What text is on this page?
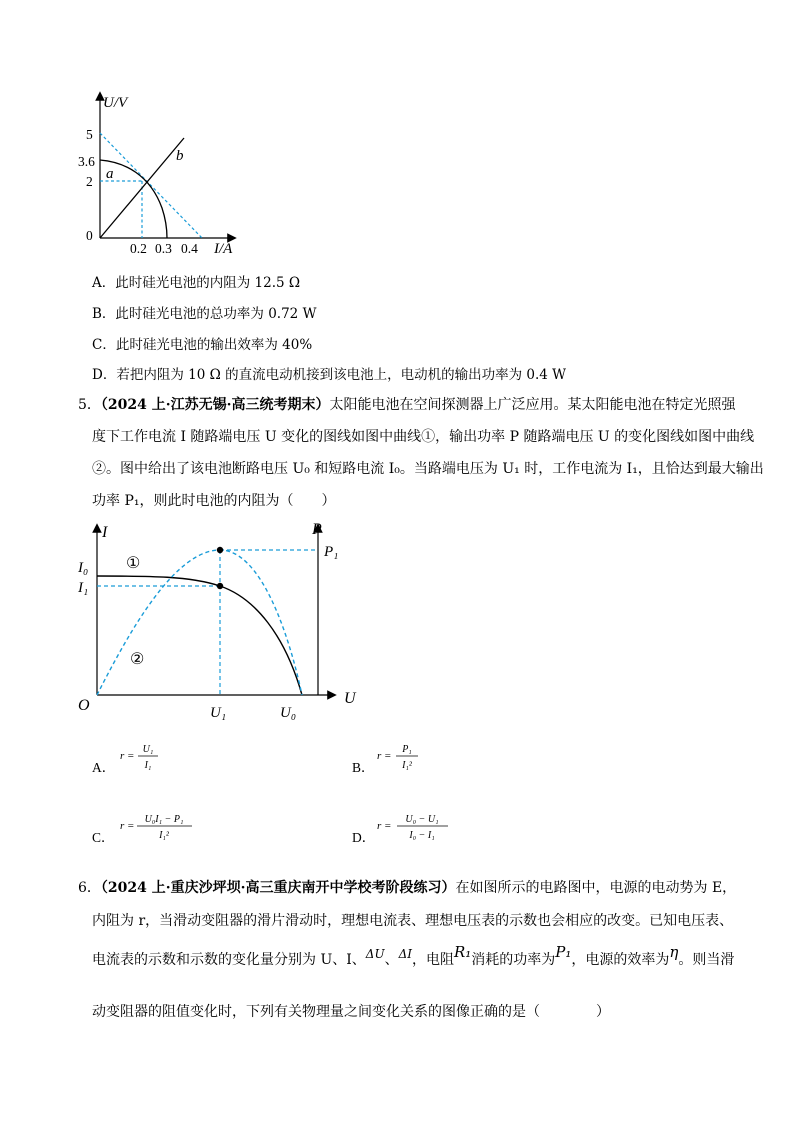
U/V
5
3.6
2
0
0.2 0.3 0.4 I/A
a
b
A．此时硅光电池的内阻为 12.5 Ω
B．此时硅光电池的总功率为 0.72 W
C．此时硅光电池的输出效率为 40%
D．若把内阻为 10 Ω 的直流电动机接到该电池上，电动机的输出功率为 0.4 W
5．（2024 上·江苏无锡·高三统考期末）太阳能电池在空间探测器上广泛应用。某太阳能电池在特定光照强
度下工作电流 I 随路端电压 U 变化的图线如图中曲线①，输出功率 P 随路端电压 U 的变化图线如图中曲线
②。图中给出了该电池断路电压 U₀ 和短路电流 I₀。当路端电压为 U₁ 时，工作电流为 I₁，且恰达到最大输出
功率 P₁，则此时电池的内阻为（　　）
I	P
U
O
I₀
I₁
P₁
U₁	U₀
①
②
A．
r =
U₁
I₁	B．
r =
P₁
I₁²
C．
r =
U₀I₁ − P₁
I₁²	D．
r =
U₀ − U₁
I₀ − I₁
6．（2024 上·重庆沙坪坝·高三重庆南开中学校考阶段练习）在如图所示的电路图中，电源的电动势为 E，
内阻为 r，当滑动变阻器的滑片滑动时，理想电流表、理想电压表的示数也会相应的改变。已知电压表、
电流表的示数和示数的变化量分别为 U、I、ΔU、ΔI，电阻R₁消耗的功率为P₁，电源的效率为η。则当滑
动变阻器的阻值变化时，下列有关物理量之间变化关系的图像正确的是（　　　　）
